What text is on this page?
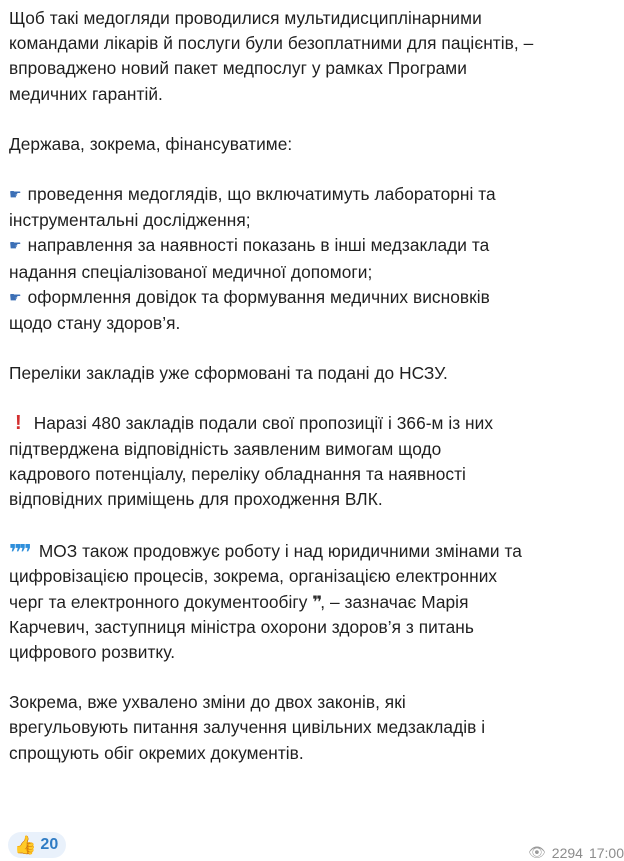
Щоб такі медогляди проводилися мультидисциплінарними
командами лікарів й послуги були безоплатними для пацієнтів, –
впроваджено новий пакет медпослуг у рамках Програми
медичних гарантій.

Держава, зокрема, фінансуватиме:

☛ проведення медоглядів, що включатимуть лабораторні та
інструментальні дослідження;
☛ направлення за наявності показань в інші медзаклади та
надання спеціалізованої медичної допомоги;
☛ оформлення довідок та формування медичних висновків
щодо стану здоров’я.

Переліки закладів уже сформовані та подані до НСЗУ.

! Наразі 480 закладів подали свої пропозиції і 366-м із них
підтверджена відповідність заявленим вимогам щодо
кадрового потенціалу, переліку обладнання та наявності
відповідних приміщень для проходження ВЛК.

❞❞ МОЗ також продовжує роботу і над юридичними змінами та
цифровізацією процесів, зокрема, організацією електронних
черг та електронного документообігу ❞, – зазначає Марія
Карчевич, заступниця міністра охорони здоров’я з питань
цифрового розвитку.

Зокрема, вже ухвалено зміни до двох законів, які
врегульовують питання залучення цивільних медзакладів і
спрощують обіг окремих документів.

👍 20	👁 2294 17:00
